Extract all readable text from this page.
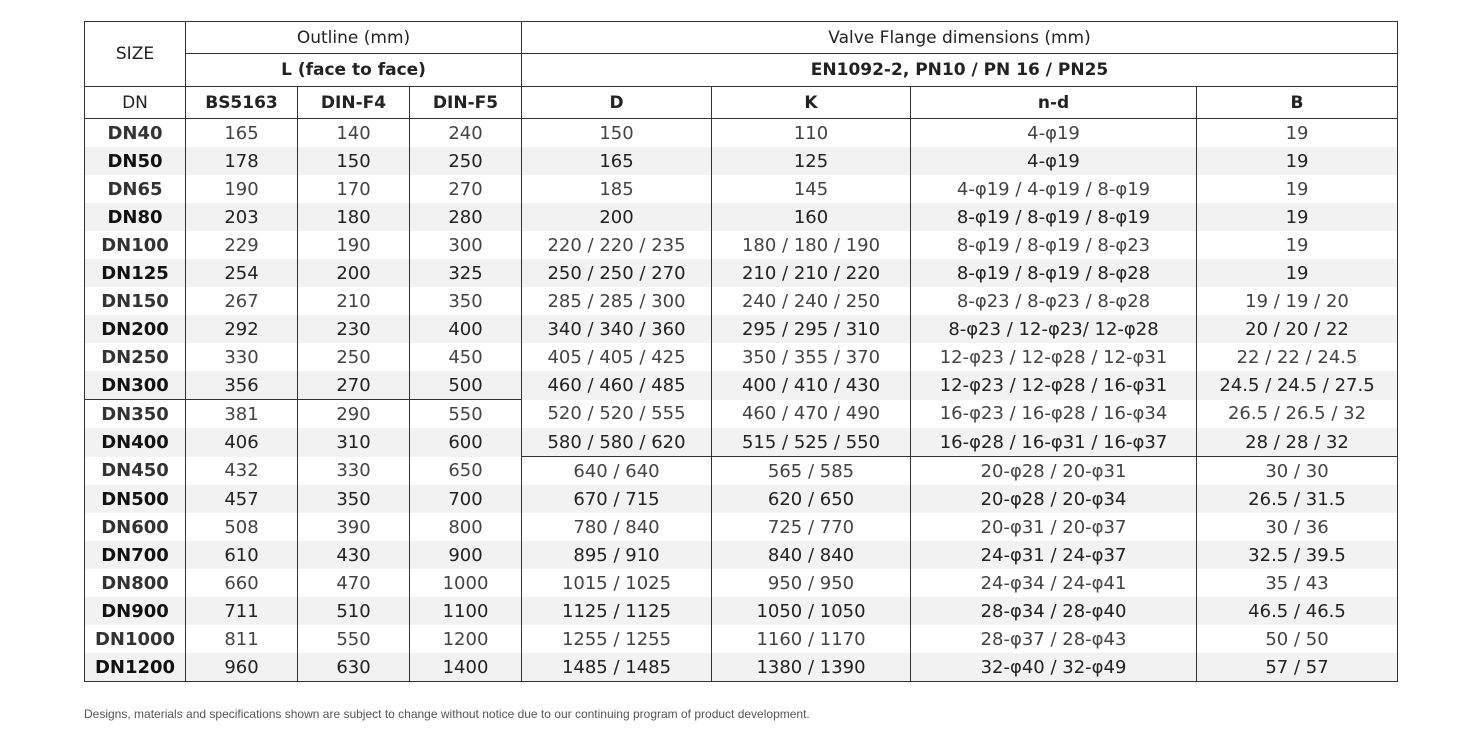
SIZE	Outline (mm)			Valve Flange dimensions (mm)			
	L (face to face)			EN1092-2, PN10 / PN 16 / PN25			
DN	BS5163	DIN-F4	DIN-F5	D	K	n-d	B
DN40	165	140	240	150	110	4-φ19	19
DN50	178	150	250	165	125	4-φ19	19
DN65	190	170	270	185	145	4-φ19 / 4-φ19 / 8-φ19	19
DN80	203	180	280	200	160	8-φ19 / 8-φ19 / 8-φ19	19
DN100	229	190	300	220 / 220 / 235	180 / 180 / 190	8-φ19 / 8-φ19 / 8-φ23	19
DN125	254	200	325	250 / 250 / 270	210 / 210 / 220	8-φ19 / 8-φ19 / 8-φ28	19
DN150	267	210	350	285 / 285 / 300	240 / 240 / 250	8-φ23 / 8-φ23 / 8-φ28	19 / 19 / 20
DN200	292	230	400	340 / 340 / 360	295 / 295 / 310	8-φ23 / 12-φ23/ 12-φ28	20 / 20 / 22
DN250	330	250	450	405 / 405 / 425	350 / 355 / 370	12-φ23 / 12-φ28 / 12-φ31	22 / 22 / 24.5
DN300	356	270	500	460 / 460 / 485	400 / 410 / 430	12-φ23 / 12-φ28 / 16-φ31	24.5 / 24.5 / 27.5
DN350	381	290	550	520 / 520 / 555	460 / 470 / 490	16-φ23 / 16-φ28 / 16-φ34	26.5 / 26.5 / 32
DN400	406	310	600	580 / 580 / 620	515 / 525 / 550	16-φ28 / 16-φ31 / 16-φ37	28 / 28 / 32
DN450	432	330	650	640 / 640	565 / 585	20-φ28 / 20-φ31	30 / 30
DN500	457	350	700	670 / 715	620 / 650	20-φ28 / 20-φ34	26.5 / 31.5
DN600	508	390	800	780 / 840	725 / 770	20-φ31 / 20-φ37	30 / 36
DN700	610	430	900	895 / 910	840 / 840	24-φ31 / 24-φ37	32.5 / 39.5
DN800	660	470	1000	1015 / 1025	950 / 950	24-φ34 / 24-φ41	35 / 43
DN900	711	510	1100	1125 / 1125	1050 / 1050	28-φ34 / 28-φ40	46.5 / 46.5
DN1000	811	550	1200	1255 / 1255	1160 / 1170	28-φ37 / 28-φ43	50 / 50
DN1200	960	630	1400	1485 / 1485	1380 / 1390	32-φ40 / 32-φ49	57 / 57
Designs, materials and specifications shown are subject to change without notice due to our continuing program of product development.
